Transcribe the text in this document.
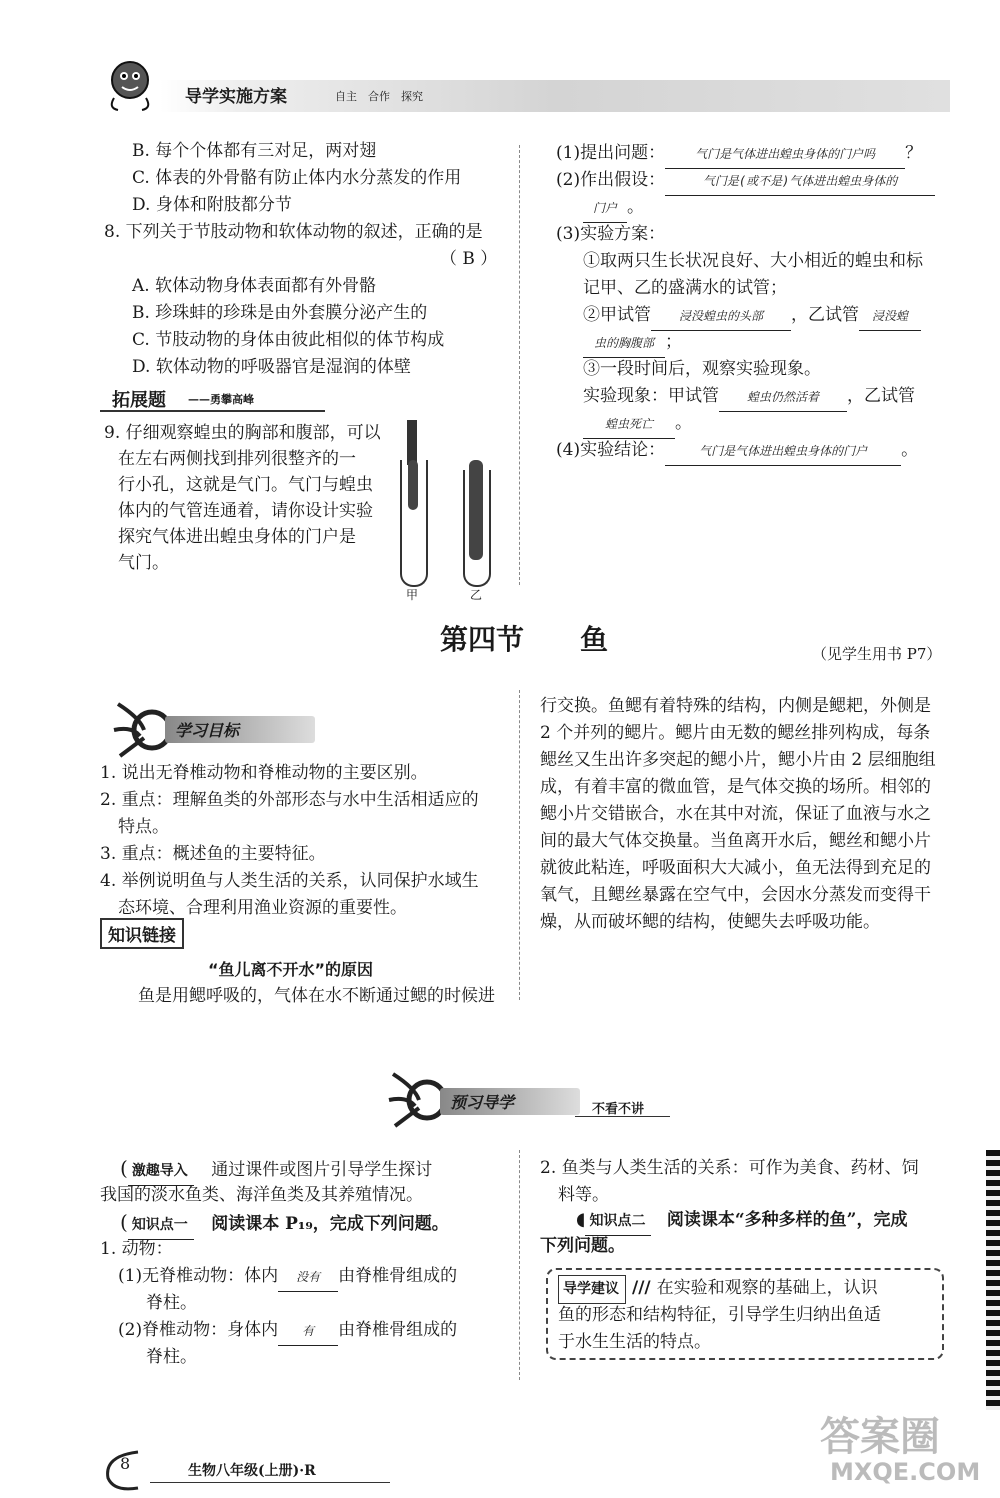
导学实施方案	自主　合作　探究
B. 每个个体都有三对足，两对翅
C. 体表的外骨骼有防止体内水分蒸发的作用
D. 身体和附肢都分节
8. 下列关于节肢动物和软体动物的叙述，正确的是
（ B ）
A. 软体动物身体表面都有外骨骼
B. 珍珠蚌的珍珠是由外套膜分泌产生的
C. 节肢动物的身体由彼此相似的体节构成
D. 软体动物的呼吸器官是湿润的体壁
拓展题 ——勇攀高峰
9. 仔细观察蝗虫的胸部和腹部，可以
在左右两侧找到排列很整齐的一
行小孔，这就是气门。气门与蝗虫
体内的气管连通着，请你设计实验
探究气体进出蝗虫身体的门户是
气门。
甲	乙
(1)提出问题： 气门是气体进出蝗虫身体的门户吗 ？
(2)作出假设：	气门是(或不是)气体进出蝗虫身体的
门户 。
(3)实验方案：
①取两只生长状况良好、大小相近的蝗虫和标
记甲、乙的盛满水的试管；
②甲试管 浸没蝗虫的头部 ，乙试管 浸没蝗
虫的胸腹部 ；
③一段时间后，观察实验现象。
实验现象：甲试管 蝗虫仍然活着 ，乙试管
蝗虫死亡 。
(4)实验结论：	气门是气体进出蝗虫身体的门户 。
第四节　　鱼	（见学生用书 P7）
学习目标
1. 说出无脊椎动物和脊椎动物的主要区别。
2. 重点：理解鱼类的外部形态与水中生活相适应的
特点。
3. 重点：概述鱼的主要特征。
4. 举例说明鱼与人类生活的关系，认同保护水域生
态环境、合理利用渔业资源的重要性。
知识链接
“鱼儿离不开水”的原因
鱼是用鳃呼吸的，气体在水不断通过鳃的时候进
行交换。鱼鳃有着特殊的结构，内侧是鳃耙，外侧是
2 个并列的鳃片。鳃片由无数的鳃丝排列构成，每条
鳃丝又生出许多突起的鳃小片，鳃小片由 2 层细胞组
成，有着丰富的微血管，是气体交换的场所。相邻的
鳃小片交错嵌合，水在其中对流，保证了血液与水之
间的最大气体交换量。当鱼离开水后，鳃丝和鳃小片
就彼此粘连，呼吸面积大大减小，鱼无法得到充足的
氧气，且鳃丝暴露在空气中，会因水分蒸发而变得干
燥，从而破坏鳃的结构，使鳃失去呼吸功能。
预习导学	不看不讲
( 激趣导入 通过课件或图片引导学生探讨
我国的淡水鱼类、海洋鱼类及其养殖情况。
( 知识点一 阅读课本 P₁₉，完成下列问题。
1. 动物：
(1)无脊椎动物：体内 没有 由脊椎骨组成的
脊柱。
(2)脊椎动物：身体内 有 由脊椎骨组成的
脊柱。
2. 鱼类与人类生活的关系：可作为美食、药材、饲
料等。
◖ 知识点二 阅读课本“多种多样的鱼”，完成
下列问题。
导学建议 /// 在实验和观察的基础上，认识
鱼的形态和结构特征，引导学生归纳出鱼适
于水生生活的特点。
8	生物八年级(上册)·R
答案圈
MXQE.COM
